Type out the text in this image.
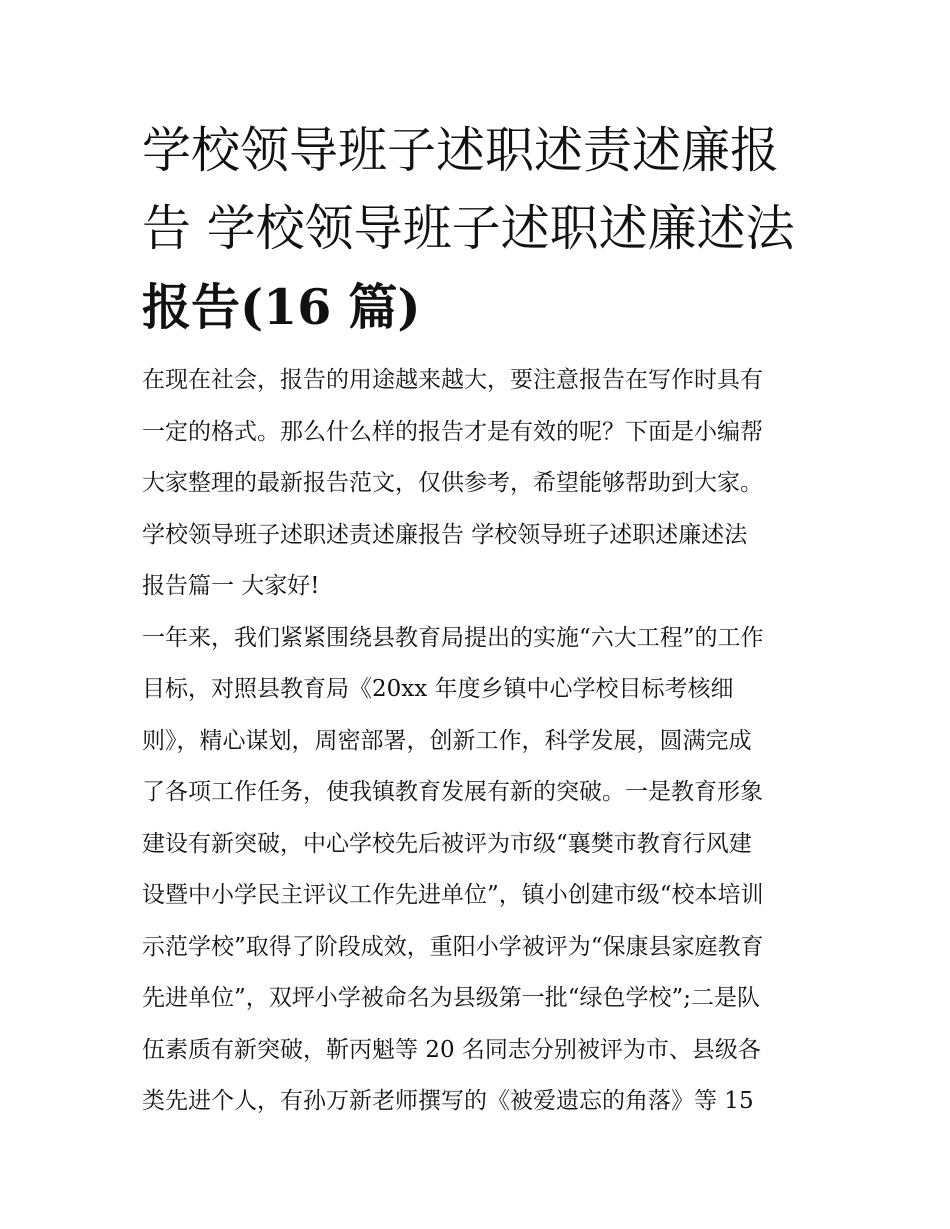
学校领导班子述职述责述廉报
告 学校领导班子述职述廉述法
报告(16 篇)
在现在社会，报告的用途越来越大，要注意报告在写作时具有
一定的格式。那么什么样的报告才是有效的呢？下面是小编帮
大家整理的最新报告范文，仅供参考，希望能够帮助到大家。
学校领导班子述职述责述廉报告 学校领导班子述职述廉述法
报告篇一 大家好!
一年来，我们紧紧围绕县教育局提出的实施“六大工程”的工作
目标，对照县教育局《20xx 年度乡镇中心学校目标考核细
则》，精心谋划，周密部署，创新工作，科学发展，圆满完成
了各项工作任务，使我镇教育发展有新的突破。一是教育形象
建设有新突破，中心学校先后被评为市级“襄樊市教育行风建
设暨中小学民主评议工作先进单位”，镇小创建市级“校本培训
示范学校”取得了阶段成效，重阳小学被评为“保康县家庭教育
先进单位”，双坪小学被命名为县级第一批“绿色学校”;二是队
伍素质有新突破，靳丙魁等 20 名同志分别被评为市、县级各
类先进个人，有孙万新老师撰写的《被爱遗忘的角落》等 15
